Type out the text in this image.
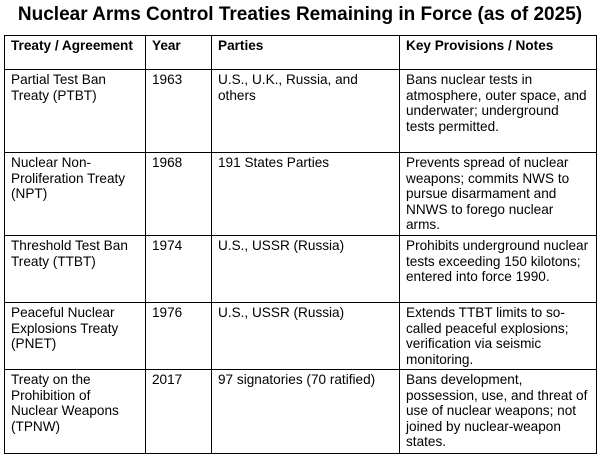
Nuclear Arms Control Treaties Remaining in Force (as of 2025)
Treaty / Agreement	Year	Parties	Key Provisions / Notes
Partial Test Ban Treaty (PTBT)	1963	U.S., U.K., Russia, and others	Bans nuclear tests in atmosphere, outer space, and underwater; underground tests permitted.
Nuclear Non-Proliferation Treaty (NPT)	1968	191 States Parties	Prevents spread of nuclear weapons; commits NWS to pursue disarmament and NNWS to forego nuclear arms.
Threshold Test Ban Treaty (TTBT)	1974	U.S., USSR (Russia)	Prohibits underground nuclear tests exceeding 150 kilotons; entered into force 1990.
Peaceful Nuclear Explosions Treaty (PNET)	1976	U.S., USSR (Russia)	Extends TTBT limits to so-called peaceful explosions; verification via seismic monitoring.
Treaty on the Prohibition of Nuclear Weapons (TPNW)	2017	97 signatories (70 ratified)	Bans development, possession, use, and threat of use of nuclear weapons; not joined by nuclear-weapon states.
